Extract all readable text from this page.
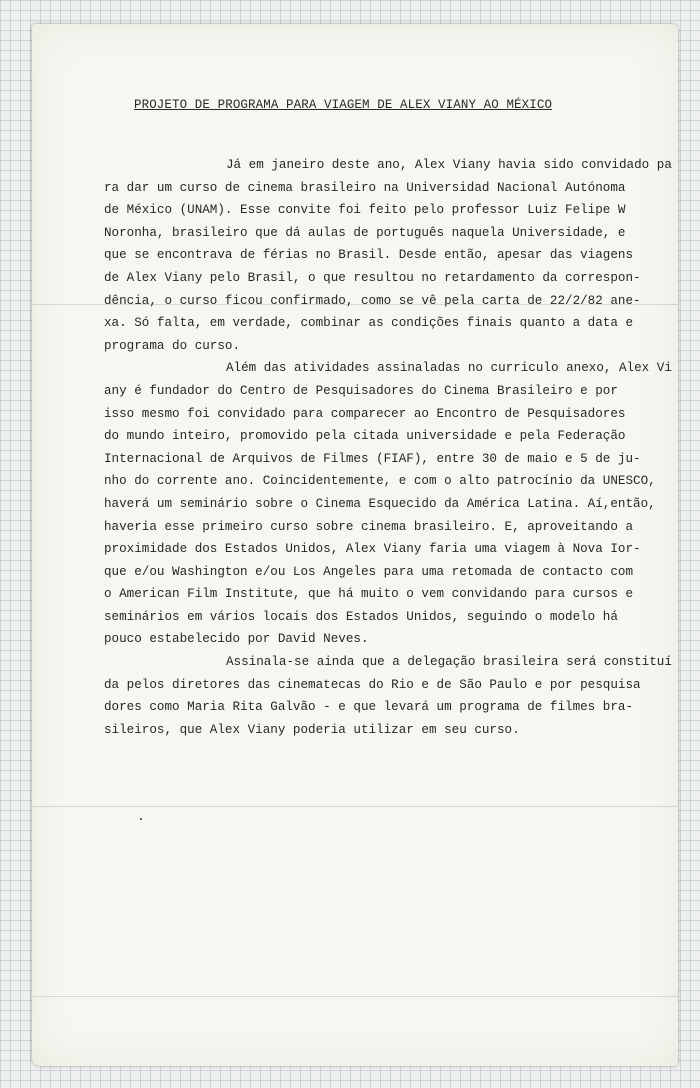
PROJETO DE PROGRAMA PARA VIAGEM DE ALEX VIANY AO MÉXICO
Já em janeiro deste ano, Alex Viany havia sido convidado pa
ra dar um curso de cinema brasileiro na Universidad Nacional Autónoma
de México (UNAM). Esse convite foi feito pelo professor Luiz Felipe W
Noronha, brasileiro que dá aulas de português naquela Universidade, e
que se encontrava de férias no Brasil. Desde então, apesar das viagens
de Alex Viany pelo Brasil, o que resultou no retardamento da correspon-
dência, o curso ficou confirmado, como se vê pela carta de 22/2/82 ane-
xa. Só falta, em verdade, combinar as condições finais quanto a data e
programa do curso.
Além das atividades assinaladas no curriculo anexo, Alex Vi
any é fundador do Centro de Pesquisadores do Cinema Brasileiro e por
isso mesmo foi convidado para comparecer ao Encontro de Pesquisadores
do mundo inteiro, promovido pela citada universidade e pela Federação
Internacional de Arquivos de Filmes (FIAF), entre 30 de maio e 5 de ju-
nho do corrente ano. Coincidentemente, e com o alto patrocínio da UNESCO,
haverá um seminário sobre o Cinema Esquecido da América Latina. Aí,então,
haveria esse primeiro curso sobre cinema brasileiro. E, aproveitando a
proximidade dos Estados Unidos, Alex Viany faria uma viagem à Nova Ior-
que e/ou Washington e/ou Los Angeles para uma retomada de contacto com
o American Film Institute, que há muito o vem convidando para cursos e
seminários em vários locais dos Estados Unidos, seguindo o modelo há
pouco estabelecido por David Neves.
Assinala-se ainda que a delegação brasileira será constituí
da pelos diretores das cinematecas do Rio e de São Paulo e por pesquisa
dores como Maria Rita Galvão - e que levará um programa de filmes bra-
sileiros, que Alex Viany poderia utilizar em seu curso.
